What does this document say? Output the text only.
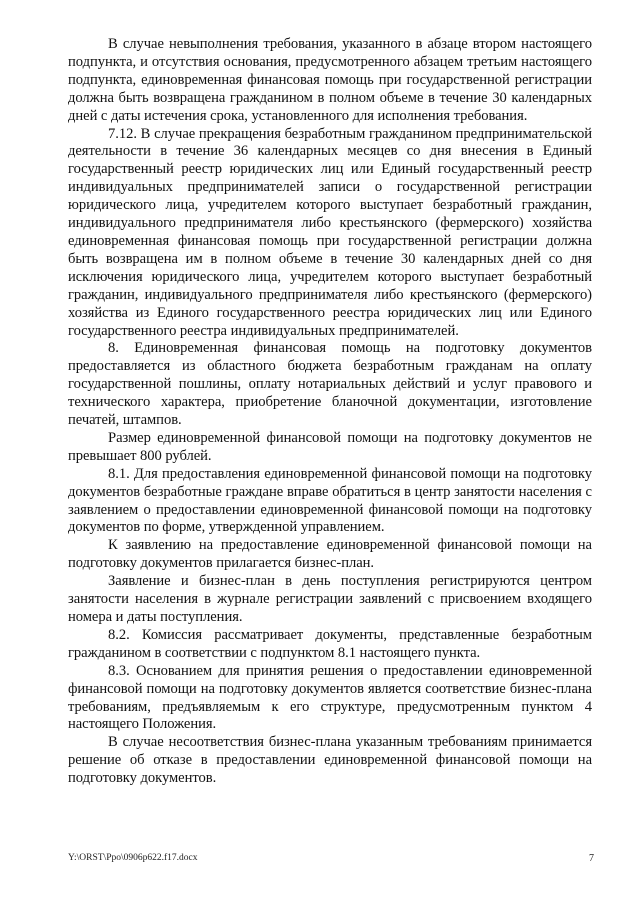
В случае невыполнения требования, указанного в абзаце втором настоящего подпункта, и отсутствия основания, предусмотренного абзацем третьим настоящего подпункта, единовременная финансовая помощь при государственной регистрации должна быть возвращена гражданином в полном объеме в течение 30 календарных дней с даты истечения срока, установленного для исполнения требования.

7.12. В случае прекращения безработным гражданином предпринимательской деятельности в течение 36 календарных месяцев со дня внесения в Единый государственный реестр юридических лиц или Единый государственный реестр индивидуальных предпринимателей записи о государственной регистрации юридического лица, учредителем которого выступает безработный гражданин, индивидуального предпринимателя либо крестьянского (фермерского) хозяйства единовременная финансовая помощь при государственной регистрации должна быть возвращена им в полном объеме в течение 30 календарных дней со дня исключения юридического лица, учредителем которого выступает безработный гражданин, индивидуального предпринимателя либо крестьянского (фермерского) хозяйства из Единого государственного реестра юридических лиц или Единого государственного реестра индивидуальных предпринимателей.

8. Единовременная финансовая помощь на подготовку документов предоставляется из областного бюджета безработным гражданам на оплату государственной пошлины, оплату нотариальных действий и услуг правового и технического характера, приобретение бланочной документации, изготовление печатей, штампов.

Размер единовременной финансовой помощи на подготовку документов не превышает 800 рублей.

8.1. Для предоставления единовременной финансовой помощи на подготовку документов безработные граждане вправе обратиться в центр занятости населения с заявлением о предоставлении единовременной финансовой помощи на подготовку документов по форме, утвержденной управлением.

К заявлению на предоставление единовременной финансовой помощи на подготовку документов прилагается бизнес-план.

Заявление и бизнес-план в день поступления регистрируются центром занятости населения в журнале регистрации заявлений с присвоением входящего номера и даты поступления.

8.2. Комиссия рассматривает документы, представленные безработным гражданином в соответствии с подпунктом 8.1 настоящего пункта.

8.3. Основанием для принятия решения о предоставлении единовременной финансовой помощи на подготовку документов является соответствие бизнес-плана требованиям, предъявляемым к его структуре, предусмотренным пунктом 4 настоящего Положения.

В случае несоответствия бизнес-плана указанным требованиям принимается решение об отказе в предоставлении единовременной финансовой помощи на подготовку документов.

Y:\ORST\Ppo\0906p622.f17.docx	7
